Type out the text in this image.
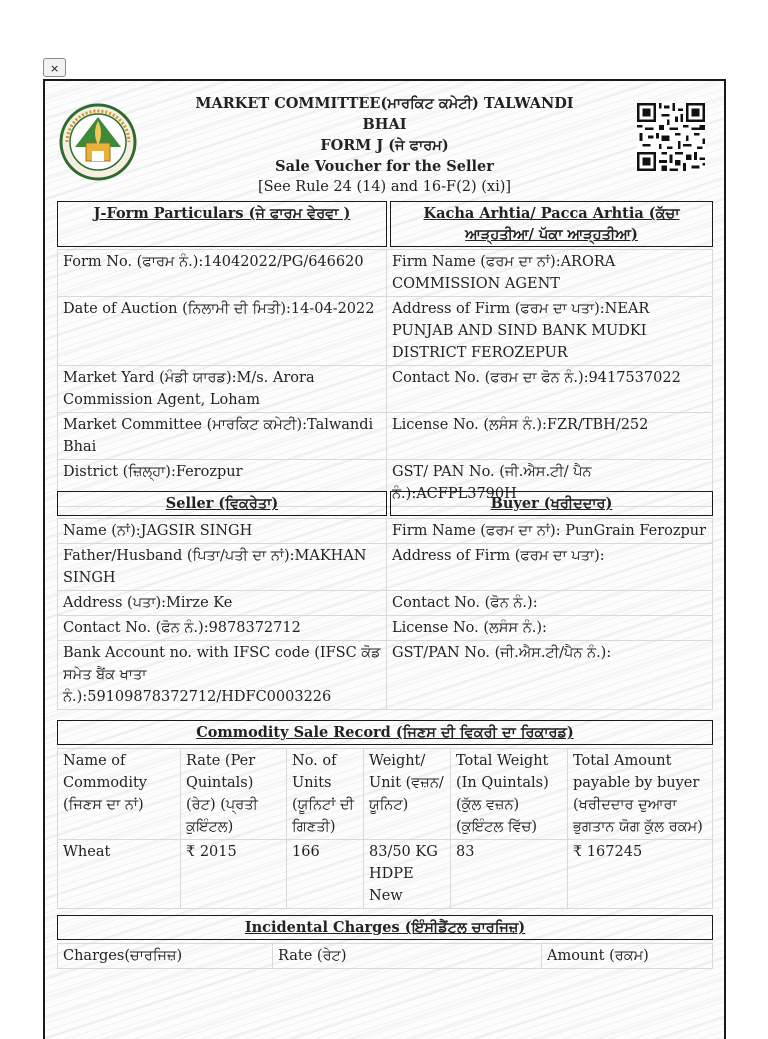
×
MARKET COMMITTEE(ਮਾਰਕਿਟ ਕਮੇਟੀ) TALWANDI
BHAI
FORM J (ਜੇ ਫਾਰਮ)
Sale Voucher for the Seller
[See Rule 24 (14) and 16-F(2) (xi)]
J-Form Particulars (ਜੇ ਫਾਰਮ ਵੇਰਵਾ )		Kacha Arhtia/ Pacca Arhtia (ਕੱਚਾ ਆੜ੍ਹਤੀਆ/ ਪੱਕਾ ਆੜ੍ਹਤੀਆ)
Form No. (ਫਾਰਮ ਨੰ.):14042022/PG/646620	Firm Name (ਫਰਮ ਦਾ ਨਾਂ):ARORA COMMISSION AGENT
Date of Auction (ਨਿਲਾਮੀ ਦੀ ਮਿਤੀ):14-04-2022	Address of Firm (ਫਰਮ ਦਾ ਪਤਾ):NEAR PUNJAB AND SIND BANK MUDKI DISTRICT FEROZEPUR
Market Yard (ਮੰਡੀ ਯਾਰਡ):M/s. Arora Commission Agent, Loham	Contact No. (ਫਰਮ ਦਾ ਫੋਨ ਨੰ.):9417537022
Market Committee (ਮਾਰਕਿਟ ਕਮੇਟੀ):Talwandi Bhai	License No. (ਲਸੰਸ ਨੰ.):FZR/TBH/252
District (ਜ਼ਿਲ੍ਹਾ):Ferozpur	GST/ PAN No. (ਜੀ.ਐਸ.ਟੀ/ ਪੈਨ ਨੰ.):ACFPL3790H
Seller (ਵਿਕਰੇਤਾ)		Buyer (ਖਰੀਦਦਾਰ)
Name (ਨਾਂ):JAGSIR SINGH	Firm Name (ਫਰਮ ਦਾ ਨਾਂ): PunGrain Ferozpur
Father/Husband (ਪਿਤਾ/ਪਤੀ ਦਾ ਨਾਂ):MAKHAN SINGH	Address of Firm (ਫਰਮ ਦਾ ਪਤਾ):
Address (ਪਤਾ):Mirze Ke	Contact No. (ਫੋਨ ਨੰ.):
Contact No. (ਫੋਨ ਨੰ.):9878372712	License No. (ਲਸੰਸ ਨੰ.):
Bank Account no. with IFSC code (IFSC ਕੋਡ ਸਮੇਤ ਬੈਂਕ ਖਾਤਾ ਨੰ.):59109878372712/HDFC0003226	GST/PAN No. (ਜੀ.ਐਸ.ਟੀ/ਪੈਨ ਨੰ.):
Commodity Sale Record (ਜਿਣਸ ਦੀ ਵਿਕਰੀ ਦਾ ਰਿਕਾਰਡ)
Name of Commodity (ਜਿਣਸ ਦਾ ਨਾਂ)	Rate (Per Quintals) (ਰੇਟ) (ਪ੍ਰਤੀ ਕੁਇੰਟਲ)	No. of Units (ਯੂਨਿਟਾਂ ਦੀ ਗਿਣਤੀ)	Weight/ Unit (ਵਜ਼ਨ/ ਯੂਨਿਟ)	Total Weight (In Quintals) (ਕੁੱਲ ਵਜ਼ਨ) (ਕੁਇੰਟਲ ਵਿੱਚ)	Total Amount payable by buyer (ਖਰੀਦਦਾਰ ਦੁਆਰਾ ਭੁਗਤਾਨ ਯੋਗ ਕੁੱਲ ਰਕਮ)
Wheat	₹ 2015	166	83/50 KG HDPE New	83	₹ 167245
Incidental Charges (ਇੰਸੀਡੈਂਟਲ ਚਾਰਜਿਜ਼)
Charges(ਚਾਰਜਿਜ਼)	Rate (ਰੇਟ)	Amount (ਰਕਮ)
